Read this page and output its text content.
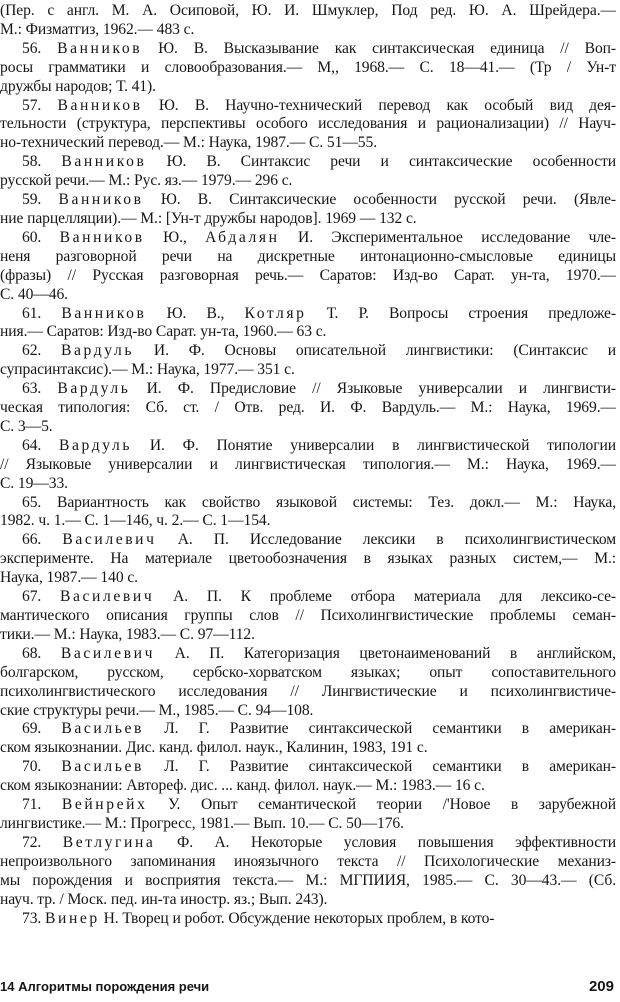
(Пер. с англ. М. А. Осиповой, Ю. И. Шмуклер, Под ред. Ю. А. Шрейдера.—
М.: Физматгиз, 1962.— 483 с.
56. Ванников Ю. В. Высказывание как синтаксическая единица // Воп-
росы грамматики и словообразования.— М,, 1968.— С. 18—41.— (Тр / Ун-т
дружбы народов; Т. 41).
57. Ванников Ю. В. Научно-технический перевод как особый вид дея-
тельности (структура, перспективы особого исследования и рационализации) // Науч-
но-технический перевод.— М.: Наука, 1987.— С. 51—55.
58. Ванников Ю. В. Синтаксис речи и синтаксические особенности
русской речи.— М.: Рус. яз.— 1979.— 296 с.
59. Ванников Ю. В. Синтаксические особенности русской речи. (Явле-
ние парцелляции).— М.: [Ун-т дружбы народов]. 1969 — 132 с.
60. Ванников Ю., Абдалян И. Экспериментальное исследование чле-
неня разговорной речи на дискретные интонационно-смысловые единицы
(фразы) // Русская разговорная речь.— Саратов: Изд-во Сарат. ун-та, 1970.—
С. 40—46.
61. Ванников Ю. В., Котляр Т. Р. Вопросы строения предложе-
ния.— Саратов: Изд-во Сарат. ун-та, 1960.— 63 с.
62. Вардуль И. Ф. Основы описательной лингвистики: (Синтаксис и
супрасинтаксис).— М.: Наука, 1977.— 351 с.
63. Вардуль И. Ф. Предисловие // Языковые универсалии и лингвисти-
ческая типология: Сб. ст. / Отв. ред. И. Ф. Вардуль.— М.: Наука, 1969.—
С. 3—5.
64. Вардуль И. Ф. Понятие универсалии в лингвистической типологии
// Языковые универсалии и лингвистическая типология.— М.: Наука, 1969.—
С. 19—33.
65. Вариантность как свойство языковой системы: Тез. докл.— М.: Наука,
1982. ч. 1.— С. 1—146, ч. 2.— С. 1—154.
66. Василевич А. П. Исследование лексики в психолингвистическом
эксперименте. На материале цветообозначения в языках разных систем,— М.:
Наука, 1987.— 140 с.
67. Василевич А. П. К проблеме отбора материала для лексико-се-
мантического описания группы слов // Психолингвистические проблемы семан-
тики.— М.: Наука, 1983.— С. 97—112.
68. Василевич А. П. Категоризация цветонаименований в английском,
болгарском, русском, сербско-хорватском языках; опыт сопоставительного
психолингвистического исследования // Лингвистические и психолингвистиче-
ские структуры речи.— М., 1985.— С. 94—108.
69. Васильев Л. Г. Развитие синтаксической семантики в американ-
ском языкознании. Дис. канд. филол. наук., Калинин, 1983, 191 с.
70. Васильев Л. Г. Развитие синтаксической семантики в американ-
ском языкознании: Автореф. дис. ... канд. филол. наук.— М.: 1983.— 16 с.
71. Вейнрейх У. Опыт семантической теории /'Новое в зарубежной
лингвистике.— М.: Прогресс, 1981.— Вып. 10.— С. 50—176.
72. Ветлугина Ф. А. Некоторые условия повышения эффективности
непроизвольного запоминания иноязычного текста // Психологические механиз-
мы порождения и восприятия текста.— М.: МГПИИЯ, 1985.— С. 30—43.— (Сб.
науч. тр. / Моск. пед. ин-та иностр. яз.; Вып. 243).
73. Винер Н. Творец и робот. Обсуждение некоторых проблем, в кото-
14 Алгоритмы порождения речи	209
